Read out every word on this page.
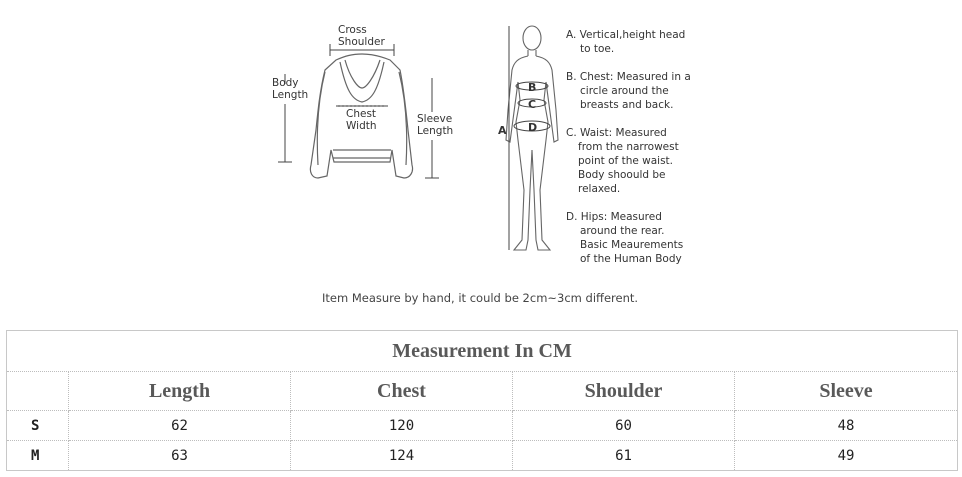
Cross
Shoulder
Body
Length
Chest
Width
Sleeve
Length	A
B
C
D
A. Vertical,height head
to toe.
B. Chest: Measured in a
circle around the
breasts and back.
C. Waist: Measured
from the narrowest
point of the waist.
Body shoould be
relaxed.
D. Hips: Measured
around the rear.
Basic Meaurements
of the Human Body
Item Measure by hand, it could be 2cm~3cm different.
Measurement In CM				
	Length	Chest	Shoulder	Sleeve
S	62	120	60	48
M	63	124	61	49
